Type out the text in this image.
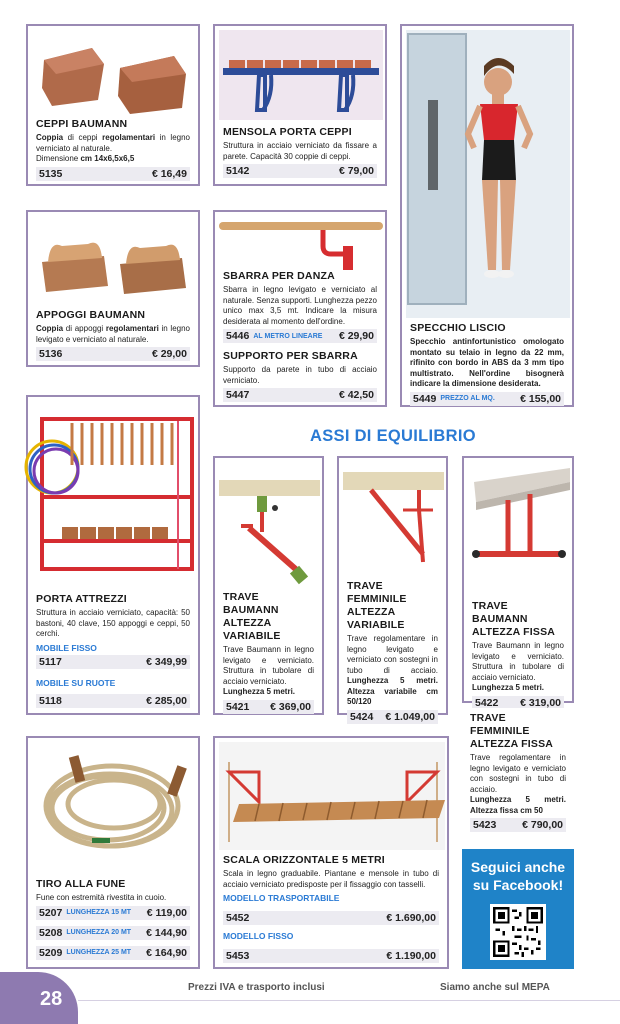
CEPPI BAUMANN
Coppia di ceppi regolamentari in legno verniciato al naturale.
Dimensione cm 14x6,5x6,5
5135	€ 16,49
MENSOLA PORTA CEPPI
Struttura in acciaio verniciato da fissare a parete. Capacità 30 coppie di ceppi.
5142	€ 79,00
SPECCHIO LISCIO
Specchio antinfortunistico omologato montato su telaio in legno da 22 mm, rifinito con bordo in ABS da 3 mm tipo multistrato. Nell'ordine bisognerà indicare la dimensione desiderata.
5449 PREZZO AL MQ.	€ 155,00
APPOGGI BAUMANN
Coppia di appoggi regolamentari in legno levigato e verniciato al naturale.
5136	€ 29,00
SBARRA PER DANZA
Sbarra in legno levigato e verniciato al naturale. Senza supporti. Lunghezza pezzo unico max 3,5 mt. Indicare la misura desiderata al momento dell'ordine.
5446 AL METRO LINEARE	€ 29,90
SUPPORTO PER SBARRA
Supporto da parete in tubo di acciaio verniciato.
5447	€ 42,50
ASSI DI EQUILIBRIO
PORTA ATTREZZI
Struttura in acciaio verniciato, capacità: 50 bastoni, 40 clave, 150 appoggi e ceppi, 50 cerchi.
MOBILE FISSO
5117	€ 349,99
MOBILE SU RUOTE
5118	€ 285,00
TRAVE BAUMANN ALTEZZA VARIABILE
Trave Baumann in legno levigato e verniciato. Struttura in tubolare di acciaio verniciato.
Lunghezza 5 metri.
5421 € 369,00
TRAVE FEMMINILE ALTEZZA VARIABILE
Trave regolamentare in legno levigato e verniciato con sostegni in tubo di acciaio. Lunghezza 5 metri. Altezza variabile cm 50/120
5424 € 1.049,00
TRAVE BAUMANN ALTEZZA FISSA
Trave Baumann in legno levigato e verniciato. Struttura in tubolare di acciaio verniciato.
Lunghezza 5 metri.
5422 € 319,00
TRAVE FEMMINILE ALTEZZA FISSA
Trave regolamentare in legno levigato e verniciato con sostegni in tubo di acciaio.
Lunghezza 5 metri. Altezza fissa cm 50
5423 € 790,00
TIRO ALLA FUNE
Fune con estremità rivestita in cuoio.
5207 LUNGHEZZA 15 MT	€ 119,00
5208 LUNGHEZZA 20 MT	€ 144,90
5209 LUNGHEZZA 25 MT	€ 164,90
SCALA ORIZZONTALE 5 METRI
Scala in legno graduabile. Piantane e mensole in tubo di acciaio verniciato predisposte per il fissaggio con tasselli.
MODELLO TRASPORTABILE
5452	€ 1.690,00
MODELLO FISSO
5453	€ 1.190,00
Seguici anche su Facebook!
28
Prezzi IVA e trasporto inclusi	Siamo anche sul MEPA
